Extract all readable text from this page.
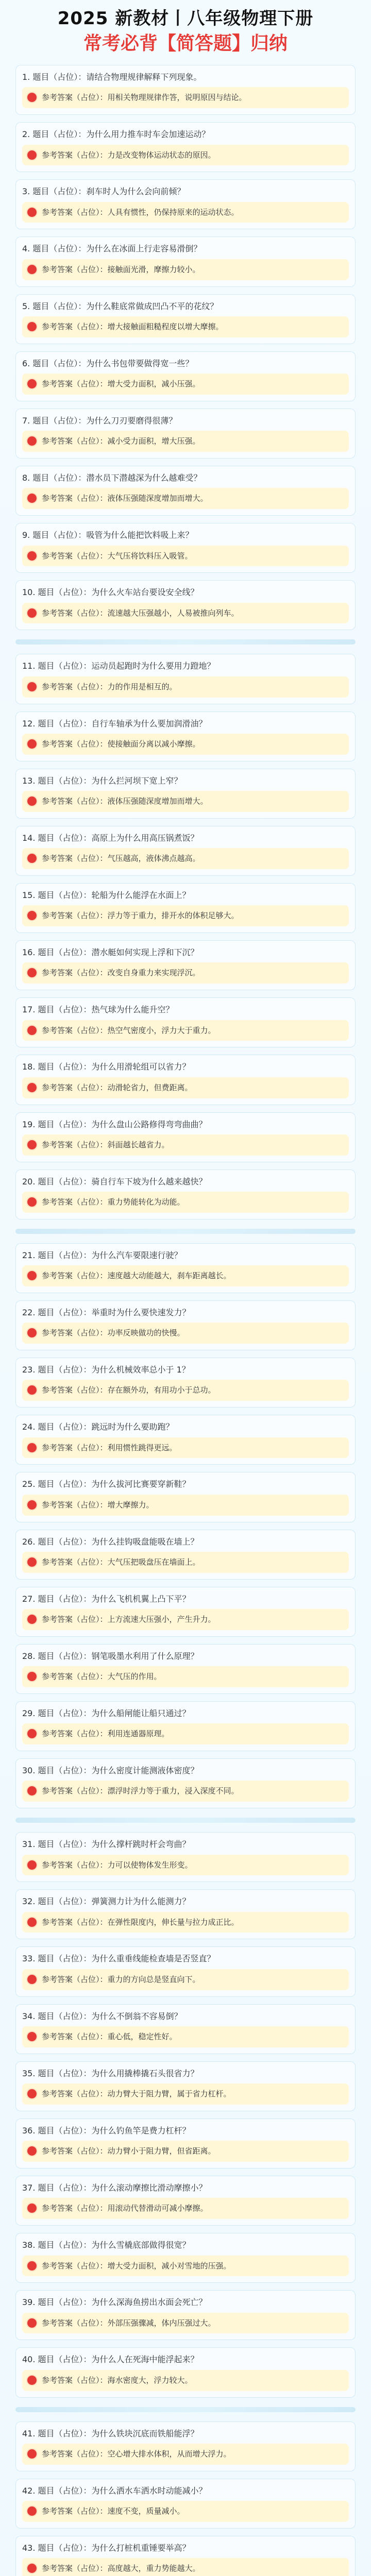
2025 新教材丨八年级物理下册
常考必背【简答题】归纳
1. 题目（占位）：请结合物理规律解释下列现象。
参考答案（占位）：用相关物理规律作答，说明原因与结论。
2. 题目（占位）：为什么用力推车时车会加速运动？
参考答案（占位）：力是改变物体运动状态的原因。
3. 题目（占位）：刹车时人为什么会向前倾？
参考答案（占位）：人具有惯性，仍保持原来的运动状态。
4. 题目（占位）：为什么在冰面上行走容易滑倒？
参考答案（占位）：接触面光滑，摩擦力较小。
5. 题目（占位）：为什么鞋底常做成凹凸不平的花纹？
参考答案（占位）：增大接触面粗糙程度以增大摩擦。
6. 题目（占位）：为什么书包带要做得宽一些？
参考答案（占位）：增大受力面积，减小压强。
7. 题目（占位）：为什么刀刃要磨得很薄？
参考答案（占位）：减小受力面积，增大压强。
8. 题目（占位）：潜水员下潜越深为什么越难受？
参考答案（占位）：液体压强随深度增加而增大。
9. 题目（占位）：吸管为什么能把饮料吸上来？
参考答案（占位）：大气压将饮料压入吸管。
10. 题目（占位）：为什么火车站台要设安全线？
参考答案（占位）：流速越大压强越小，人易被推向列车。
11. 题目（占位）：运动员起跑时为什么要用力蹬地？
参考答案（占位）：力的作用是相互的。
12. 题目（占位）：自行车轴承为什么要加润滑油？
参考答案（占位）：使接触面分离以减小摩擦。
13. 题目（占位）：为什么拦河坝下宽上窄？
参考答案（占位）：液体压强随深度增加而增大。
14. 题目（占位）：高原上为什么用高压锅煮饭？
参考答案（占位）：气压越高，液体沸点越高。
15. 题目（占位）：轮船为什么能浮在水面上？
参考答案（占位）：浮力等于重力，排开水的体积足够大。
16. 题目（占位）：潜水艇如何实现上浮和下沉？
参考答案（占位）：改变自身重力来实现浮沉。
17. 题目（占位）：热气球为什么能升空？
参考答案（占位）：热空气密度小，浮力大于重力。
18. 题目（占位）：为什么用滑轮组可以省力？
参考答案（占位）：动滑轮省力，但费距离。
19. 题目（占位）：为什么盘山公路修得弯弯曲曲？
参考答案（占位）：斜面越长越省力。
20. 题目（占位）：骑自行车下坡为什么越来越快？
参考答案（占位）：重力势能转化为动能。
21. 题目（占位）：为什么汽车要限速行驶？
参考答案（占位）：速度越大动能越大，刹车距离越长。
22. 题目（占位）：举重时为什么要快速发力？
参考答案（占位）：功率反映做功的快慢。
23. 题目（占位）：为什么机械效率总小于 1？
参考答案（占位）：存在额外功，有用功小于总功。
24. 题目（占位）：跳远时为什么要助跑？
参考答案（占位）：利用惯性跳得更远。
25. 题目（占位）：为什么拔河比赛要穿新鞋？
参考答案（占位）：增大摩擦力。
26. 题目（占位）：为什么挂钩吸盘能吸在墙上？
参考答案（占位）：大气压把吸盘压在墙面上。
27. 题目（占位）：为什么飞机机翼上凸下平？
参考答案（占位）：上方流速大压强小，产生升力。
28. 题目（占位）：钢笔吸墨水利用了什么原理？
参考答案（占位）：大气压的作用。
29. 题目（占位）：为什么船闸能让船只通过？
参考答案（占位）：利用连通器原理。
30. 题目（占位）：为什么密度计能测液体密度？
参考答案（占位）：漂浮时浮力等于重力，浸入深度不同。
31. 题目（占位）：为什么撑杆跳时杆会弯曲？
参考答案（占位）：力可以使物体发生形变。
32. 题目（占位）：弹簧测力计为什么能测力？
参考答案（占位）：在弹性限度内，伸长量与拉力成正比。
33. 题目（占位）：为什么重垂线能检查墙是否竖直？
参考答案（占位）：重力的方向总是竖直向下。
34. 题目（占位）：为什么不倒翁不容易倒？
参考答案（占位）：重心低，稳定性好。
35. 题目（占位）：为什么用撬棒撬石头很省力？
参考答案（占位）：动力臂大于阻力臂，属于省力杠杆。
36. 题目（占位）：为什么钓鱼竿是费力杠杆？
参考答案（占位）：动力臂小于阻力臂，但省距离。
37. 题目（占位）：为什么滚动摩擦比滑动摩擦小？
参考答案（占位）：用滚动代替滑动可减小摩擦。
38. 题目（占位）：为什么雪橇底部做得很宽？
参考答案（占位）：增大受力面积，减小对雪地的压强。
39. 题目（占位）：为什么深海鱼捞出水面会死亡？
参考答案（占位）：外部压强骤减，体内压强过大。
40. 题目（占位）：为什么人在死海中能浮起来？
参考答案（占位）：海水密度大，浮力较大。
41. 题目（占位）：为什么铁块沉底而铁船能浮？
参考答案（占位）：空心增大排水体积，从而增大浮力。
42. 题目（占位）：为什么洒水车洒水时动能减小？
参考答案（占位）：速度不变，质量减小。
43. 题目（占位）：为什么打桩机重锤要举高？
参考答案（占位）：高度越大，重力势能越大。
